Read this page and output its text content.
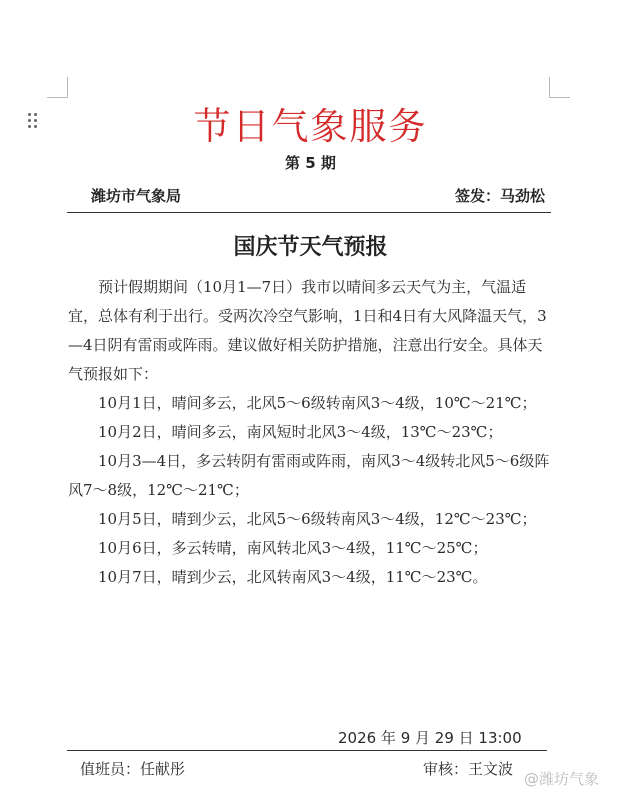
节日气象服务
第 5 期
潍坊市气象局	签发：马劲松
国庆节天气预报

预计假期期间（10月1—7日）我市以晴间多云天气为主，气温适宜，总体有利于出行。受两次冷空气影响，1日和4日有大风降温天气，3—4日阴有雷雨或阵雨。建议做好相关防护措施，注意出行安全。具体天气预报如下：

10月1日，晴间多云，北风5～6级转南风3～4级，10℃～21℃；

10月2日，晴间多云，南风短时北风3～4级，13℃～23℃；

10月3—4日，多云转阴有雷雨或阵雨，南风3～4级转北风5～6级阵风7～8级，12℃～21℃；

10月5日，晴到少云，北风5～6级转南风3～4级，12℃～23℃；

10月6日，多云转晴，南风转北风3～4级，11℃～25℃；

10月7日，晴到少云，北风转南风3～4级，11℃～23℃。

2026 年 9 月 29 日 13:00
值班员：任献彤	审核：王文波
@潍坊气象
